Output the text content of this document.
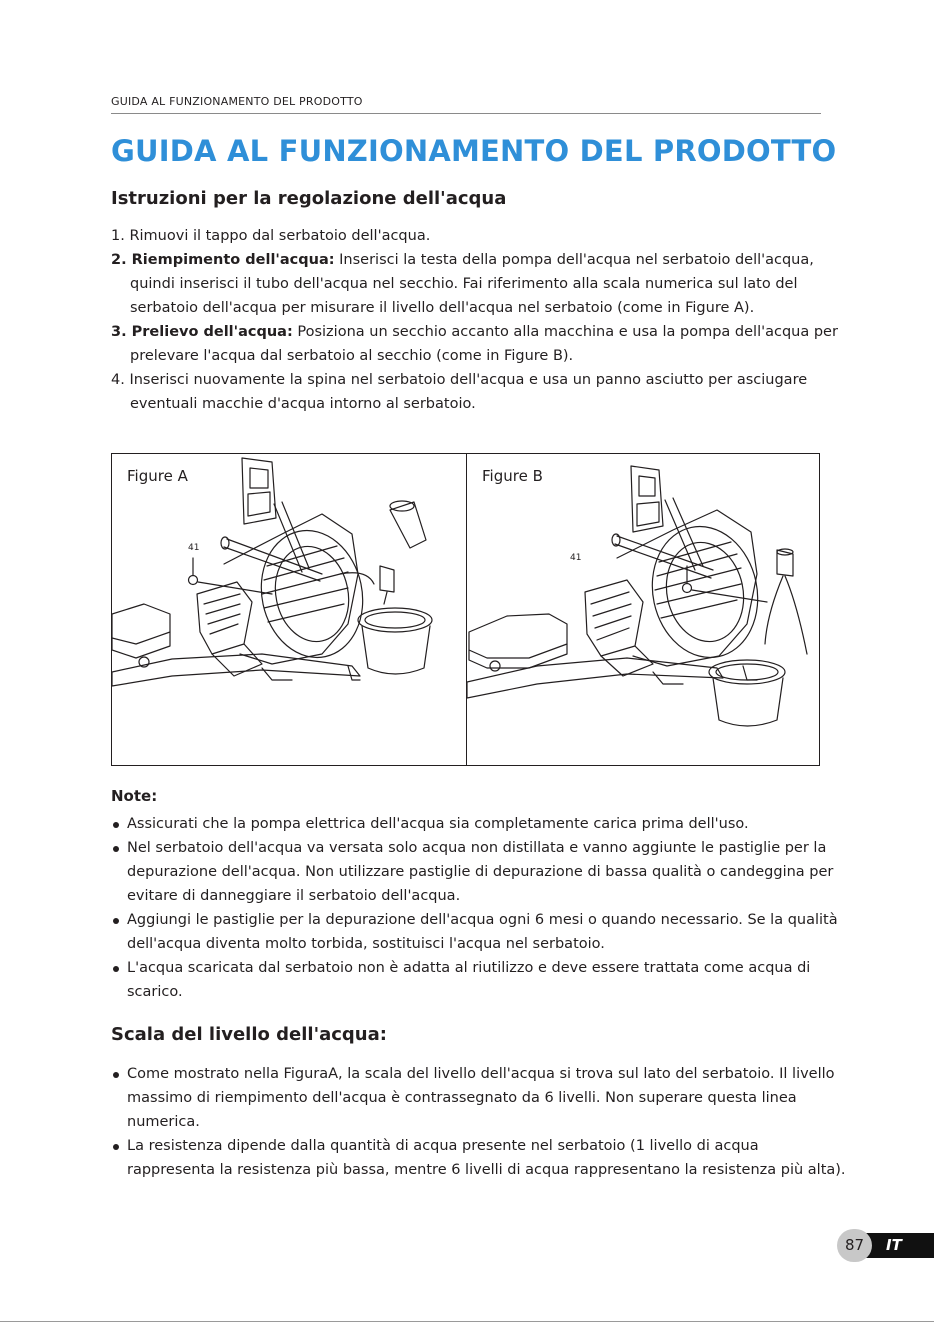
GUIDA AL FUNZIONAMENTO DEL PRODOTTO
GUIDA AL FUNZIONAMENTO DEL PRODOTTO
Istruzioni per la regolazione dell'acqua
1. Rimuovi il tappo dal serbatoio dell'acqua.
2. Riempimento dell'acqua: Inserisci la testa della pompa dell'acqua nel serbatoio dell'acqua, quindi inserisci il tubo dell'acqua nel secchio. Fai riferimento alla scala numerica sul lato del serbatoio dell'acqua per misurare il livello dell'acqua nel serbatoio (come in Figure A).
3. Prelievo dell'acqua: Posiziona un secchio accanto alla macchina e usa la pompa dell'acqua per prelevare l'acqua dal serbatoio al secchio (come in Figure B).
4. Inserisci nuovamente la spina nel serbatoio dell'acqua e usa un panno asciutto per asciugare eventuali macchie d'acqua intorno al serbatoio.
Figure A
41
Figure B
41
Note:
Assicurati che la pompa elettrica dell'acqua sia completamente carica prima dell'uso.
Nel serbatoio dell'acqua va versata solo acqua non distillata e vanno aggiunte le pastiglie per la depurazione dell'acqua. Non utilizzare pastiglie di depurazione di bassa qualità o candeggina per evitare di danneggiare il serbatoio dell'acqua.
Aggiungi le pastiglie per la depurazione dell'acqua ogni 6 mesi o quando necessario. Se la qualità dell'acqua diventa molto torbida, sostituisci l'acqua nel serbatoio.
L'acqua scaricata dal serbatoio non è adatta al riutilizzo e deve essere trattata come acqua di scarico.
Scala del livello dell'acqua:
Come mostrato nella FiguraA, la scala del livello dell'acqua si trova sul lato del serbatoio. Il livello massimo di riempimento dell'acqua è contrassegnato da 6 livelli. Non superare questa linea numerica.
La resistenza dipende dalla quantità di acqua presente nel serbatoio (1 livello di acqua rappresenta la resistenza più bassa, mentre 6 livelli di acqua rappresentano la resistenza più alta).
IT
87
